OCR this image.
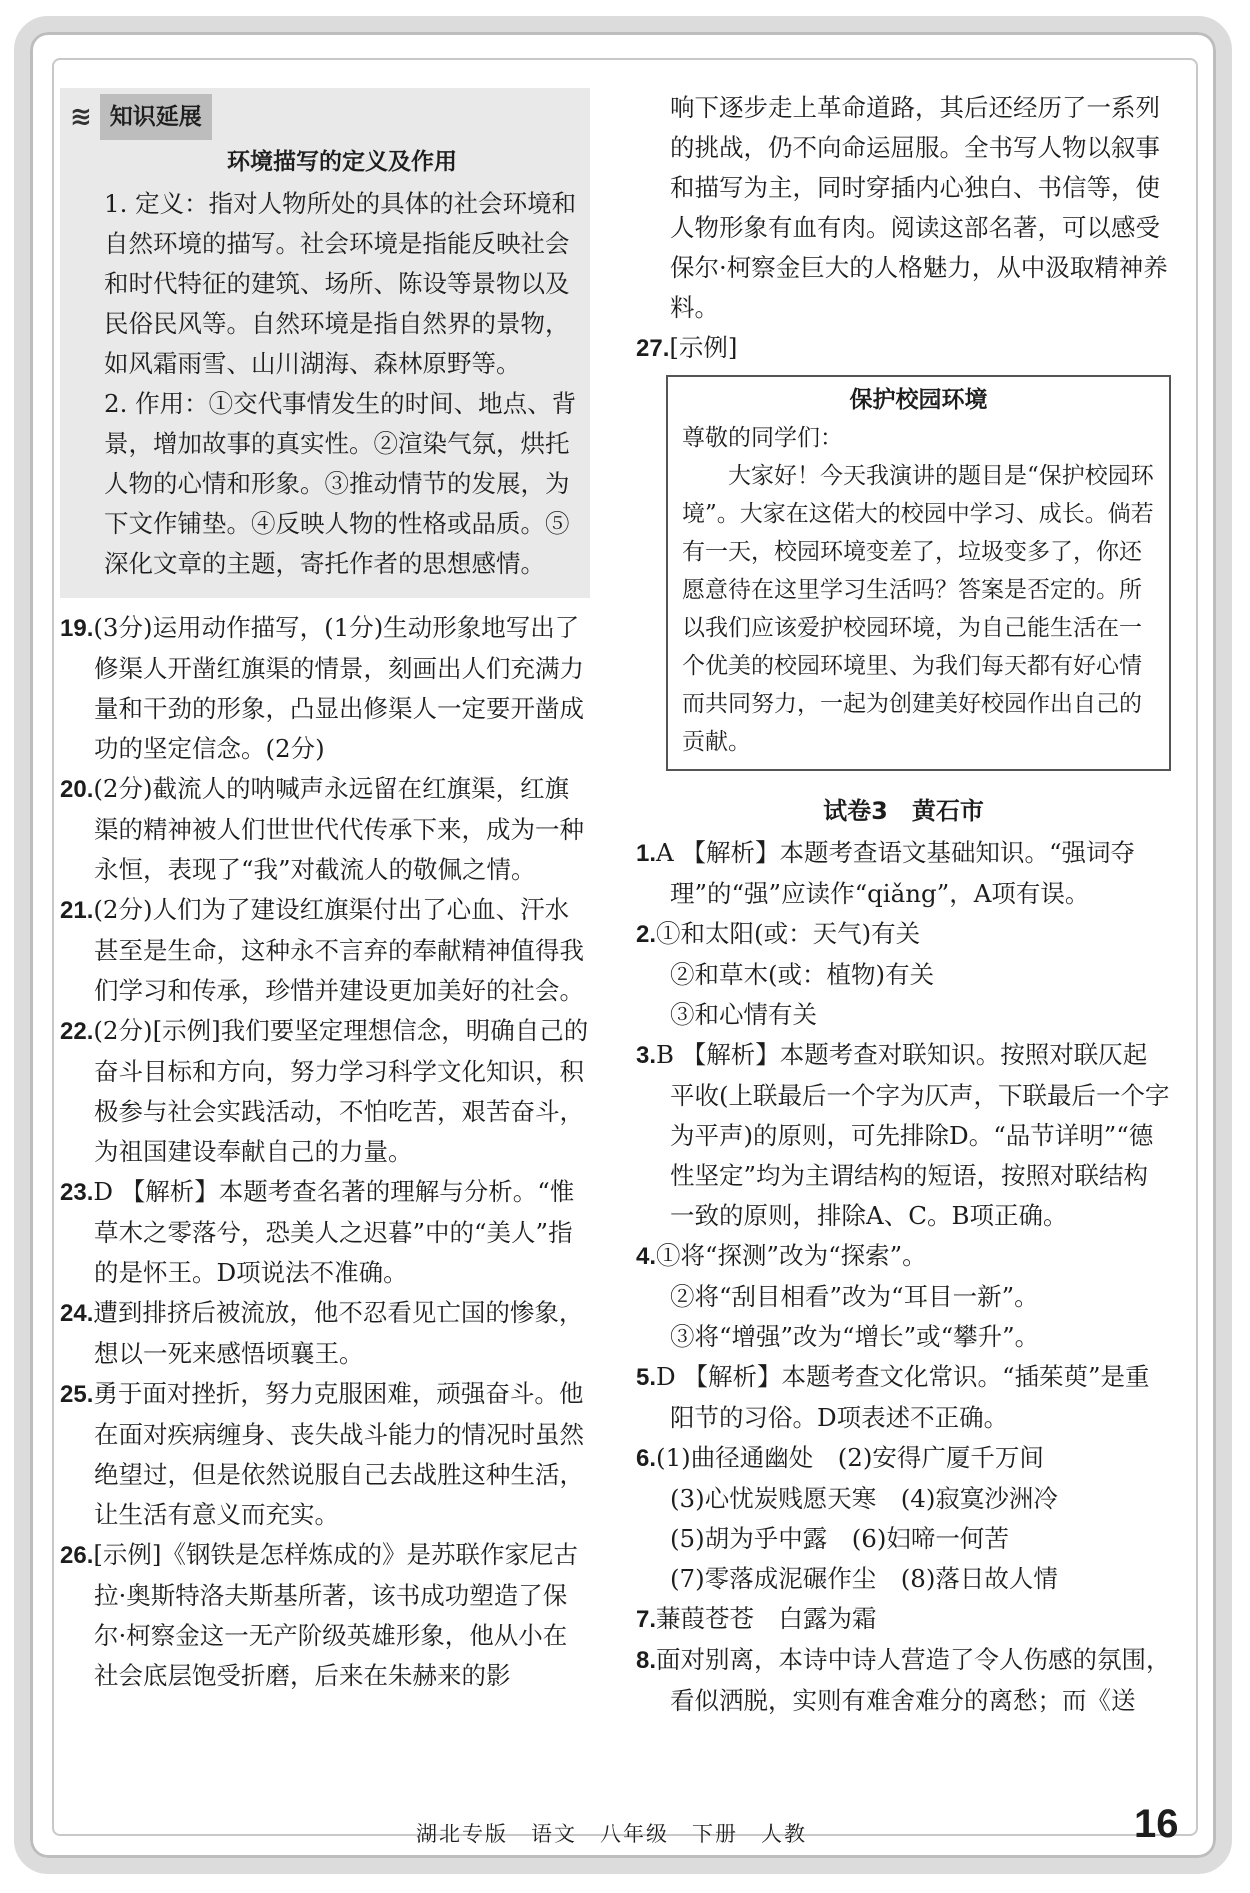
≋ 知识延展
环境描写的定义及作用
1. 定义：指对人物所处的具体的社会环境和自然环境的描写。社会环境是指能反映社会和时代特征的建筑、场所、陈设等景物以及民俗民风等。自然环境是指自然界的景物，如风霜雨雪、山川湖海、森林原野等。
2. 作用：①交代事情发生的时间、地点、背景，增加故事的真实性。②渲染气氛，烘托人物的心情和形象。③推动情节的发展，为下文作铺垫。④反映人物的性格或品质。⑤深化文章的主题，寄托作者的思想感情。

19.(3分)运用动作描写，(1分)生动形象地写出了修渠人开凿红旗渠的情景，刻画出人们充满力量和干劲的形象，凸显出修渠人一定要开凿成功的坚定信念。(2分)

20.(2分)截流人的呐喊声永远留在红旗渠，红旗渠的精神被人们世世代代传承下来，成为一种永恒，表现了“我”对截流人的敬佩之情。

21.(2分)人们为了建设红旗渠付出了心血、汗水甚至是生命，这种永不言弃的奉献精神值得我们学习和传承，珍惜并建设更加美好的社会。

22.(2分)[示例]我们要坚定理想信念，明确自己的奋斗目标和方向，努力学习科学文化知识，积极参与社会实践活动，不怕吃苦，艰苦奋斗，为祖国建设奉献自己的力量。

23.D 【解析】本题考查名著的理解与分析。“惟草木之零落兮，恐美人之迟暮”中的“美人”指的是怀王。D项说法不准确。

24.遭到排挤后被流放，他不忍看见亡国的惨象，想以一死来感悟顷襄王。

25.勇于面对挫折，努力克服困难，顽强奋斗。他在面对疾病缠身、丧失战斗能力的情况时虽然绝望过，但是依然说服自己去战胜这种生活，让生活有意义而充实。

26.[示例]《钢铁是怎样炼成的》是苏联作家尼古拉·奥斯特洛夫斯基所著，该书成功塑造了保尔·柯察金这一无产阶级英雄形象，他从小在社会底层饱受折磨，后来在朱赫来的影

响下逐步走上革命道路，其后还经历了一系列的挑战，仍不向命运屈服。全书写人物以叙事和描写为主，同时穿插内心独白、书信等，使人物形象有血有肉。阅读这部名著，可以感受保尔·柯察金巨大的人格魅力，从中汲取精神养料。

27.[示例]

保护校园环境
尊敬的同学们：
大家好！今天我演讲的题目是“保护校园环境”。大家在这偌大的校园中学习、成长。倘若有一天，校园环境变差了，垃圾变多了，你还愿意待在这里学习生活吗？答案是否定的。所以我们应该爱护校园环境，为自己能生活在一个优美的校园环境里、为我们每天都有好心情而共同努力，一起为创建美好校园作出自己的贡献。
试卷3　黄石市
1.A 【解析】本题考查语文基础知识。“强词夺理”的“强”应读作“qiǎng”，A项有误。
2.①和太阳(或：天气)有关
②和草木(或：植物)有关
③和心情有关
3.B 【解析】本题考查对联知识。按照对联仄起平收(上联最后一个字为仄声，下联最后一个字为平声)的原则，可先排除D。“品节详明”“德性坚定”均为主谓结构的短语，按照对联结构一致的原则，排除A、C。B项正确。
4.①将“探测”改为“探索”。
②将“刮目相看”改为“耳目一新”。
③将“增强”改为“增长”或“攀升”。
5.D 【解析】本题考查文化常识。“插茱萸”是重阳节的习俗。D项表述不正确。
6.(1)曲径通幽处　(2)安得广厦千万间
(3)心忧炭贱愿天寒　(4)寂寞沙洲冷
(5)胡为乎中露　(6)妇啼一何苦
(7)零落成泥碾作尘　(8)落日故人情
7.蒹葭苍苍　白露为霜
8.面对别离，本诗中诗人营造了令人伤感的氛围，看似洒脱，实则有难舍难分的离愁；而《送
湖北专版　语文　八年级　下册　人教	16
